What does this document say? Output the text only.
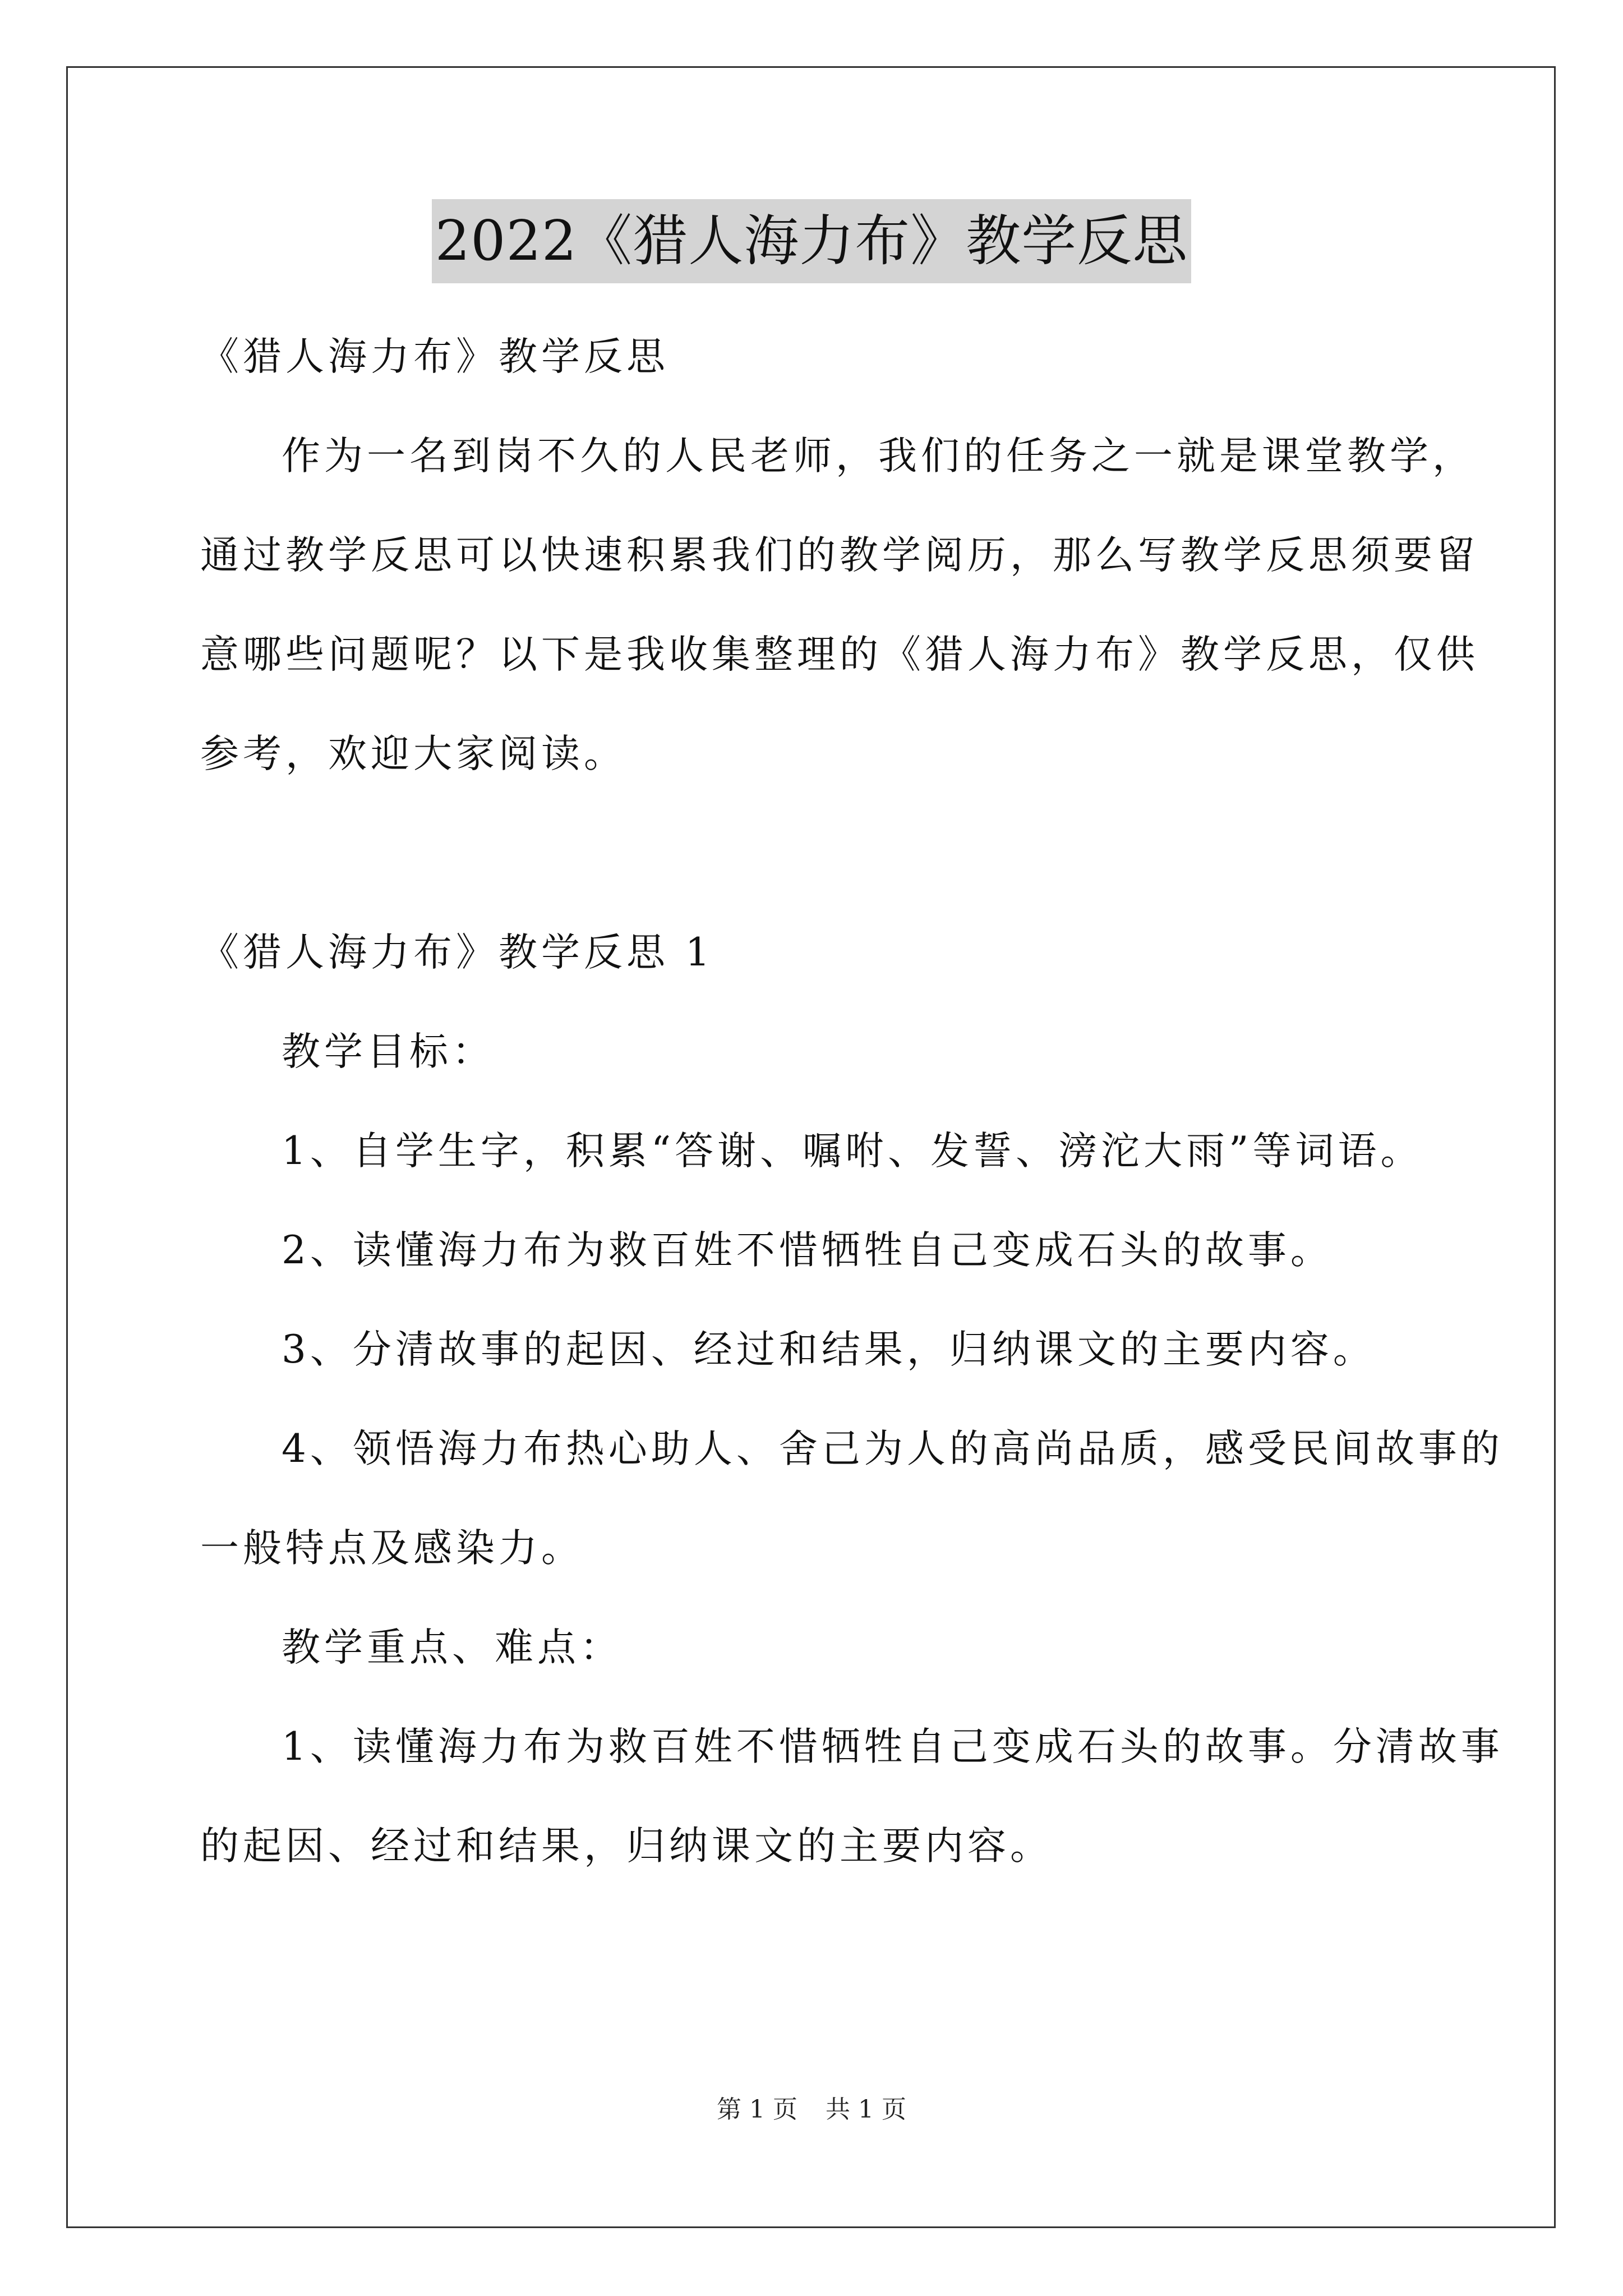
2022《猎人海力布》教学反思

《猎人海力布》教学反思

作为一名到岗不久的人民老师，我们的任务之一就是课堂教学，

通过教学反思可以快速积累我们的教学阅历，那么写教学反思须要留

意哪些问题呢？以下是我收集整理的《猎人海力布》教学反思，仅供

参考，欢迎大家阅读。

《猎人海力布》教学反思 1

教学目标：

1、自学生字，积累“答谢、嘱咐、发誓、滂沱大雨”等词语。

2、读懂海力布为救百姓不惜牺牲自己变成石头的故事。

3、分清故事的起因、经过和结果，归纳课文的主要内容。

4、领悟海力布热心助人、舍己为人的高尚品质，感受民间故事的

一般特点及感染力。

教学重点、难点：

1、读懂海力布为救百姓不惜牺牲自己变成石头的故事。分清故事

的起因、经过和结果，归纳课文的主要内容。

第 1 页 共 1 页
